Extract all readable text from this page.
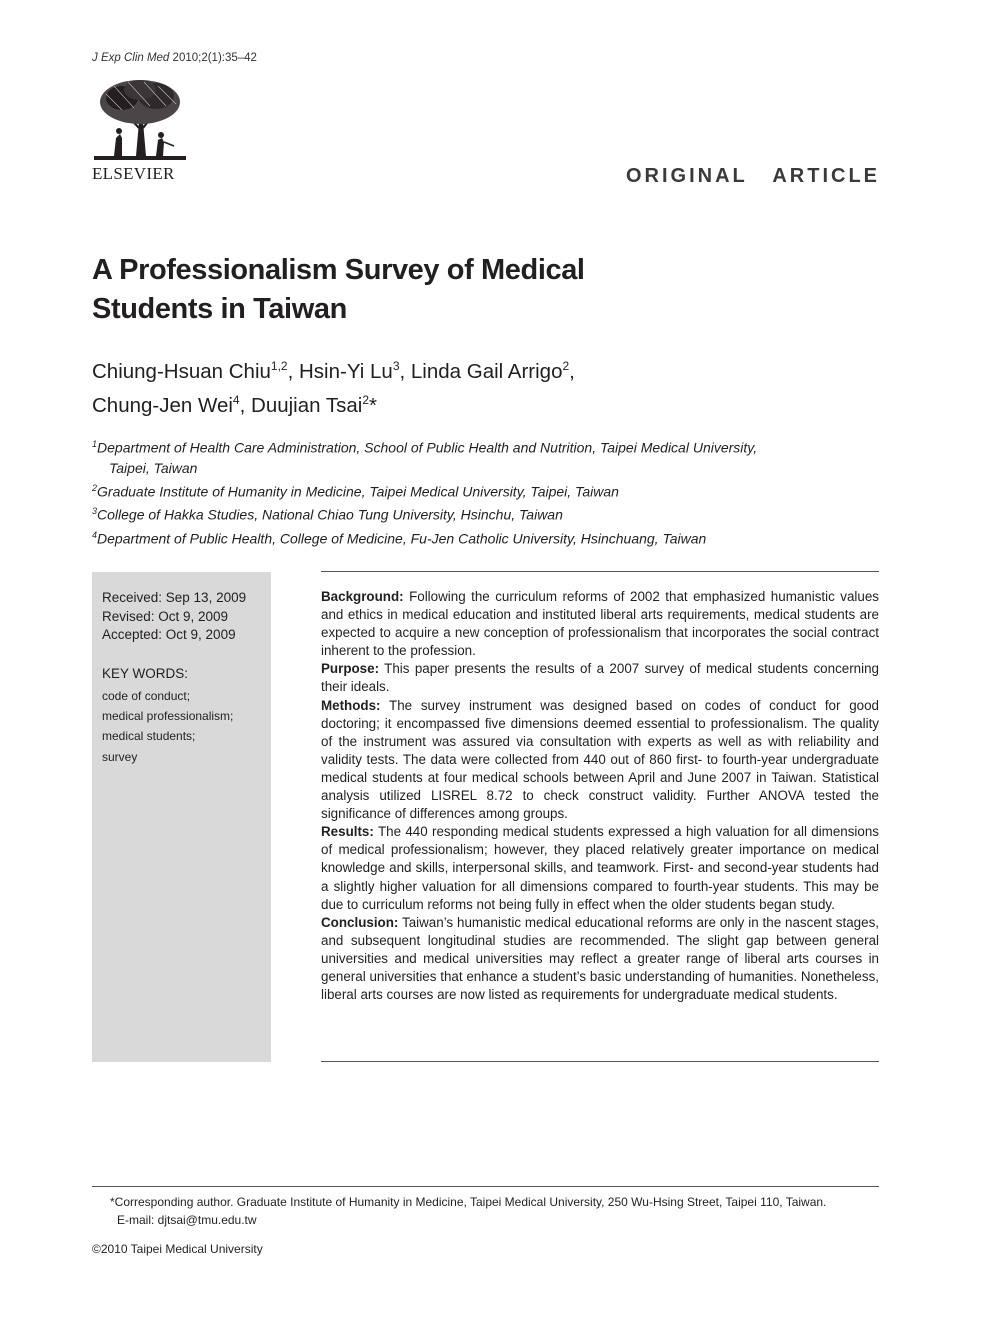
J Exp Clin Med 2010;2(1):35–42
ELSEVIER	ORIGINAL   ARTICLE
A Professionalism Survey of Medical Students in Taiwan
Chiung-Hsuan Chiu$^{1,2}$, Hsin-Yi Lu$^3$, Linda Gail Arrigo$^2$,
Chung-Jen Wei$^4$, Duujian Tsai$^2$*
$^1$Department of Health Care Administration, School of Public Health and Nutrition, Taipei Medical University,
Taipei, Taiwan
$^2$Graduate Institute of Humanity in Medicine, Taipei Medical University, Taipei, Taiwan
$^3$College of Hakka Studies, National Chiao Tung University, Hsinchu, Taiwan
$^4$Department of Public Health, College of Medicine, Fu-Jen Catholic University, Hsinchuang, Taiwan
Received: Sep 13, 2009
Revised: Oct 9, 2009
Accepted: Oct 9, 2009
KEY WORDS:
code of conduct;
medical professionalism;
medical students;
survey

Background: Following the curriculum reforms of 2002 that emphasized humanistic values and ethics in medical education and instituted liberal arts requirements, medical students are expected to acquire a new conception of professionalism that incorporates the social contract inherent to the profession.

Purpose: This paper presents the results of a 2007 survey of medical students concerning their ideals.

Methods: The survey instrument was designed based on codes of conduct for good doctoring; it encompassed five dimensions deemed essential to professionalism. The quality of the instrument was assured via consultation with experts as well as with reliability and validity tests. The data were collected from 440 out of 860 first- to fourth-year undergraduate medical students at four medical schools between April and June 2007 in Taiwan. Statistical analysis utilized LISREL 8.72 to check construct validity. Further ANOVA tested the significance of differences among groups.

Results: The 440 responding medical students expressed a high valuation for all dimensions of medical professionalism; however, they placed relatively greater importance on medical knowledge and skills, interpersonal skills, and teamwork. First- and second-year students had a slightly higher valuation for all dimensions compared to fourth-year students. This may be due to curriculum reforms not being fully in effect when the older students began study.

Conclusion: Taiwan’s humanistic medical educational reforms are only in the nascent stages, and subsequent longitudinal studies are recommended. The slight gap between general universities and medical universities may reflect a greater range of liberal arts courses in general universities that enhance a student’s basic understanding of humanities. Nonetheless, liberal arts courses are now listed as requirements for undergraduate medical students.

*Corresponding author. Graduate Institute of Humanity in Medicine, Taipei Medical University, 250 Wu-Hsing Street, Taipei 110, Taiwan.
E-mail: djtsai@tmu.edu.tw
©2010 Taipei Medical University
